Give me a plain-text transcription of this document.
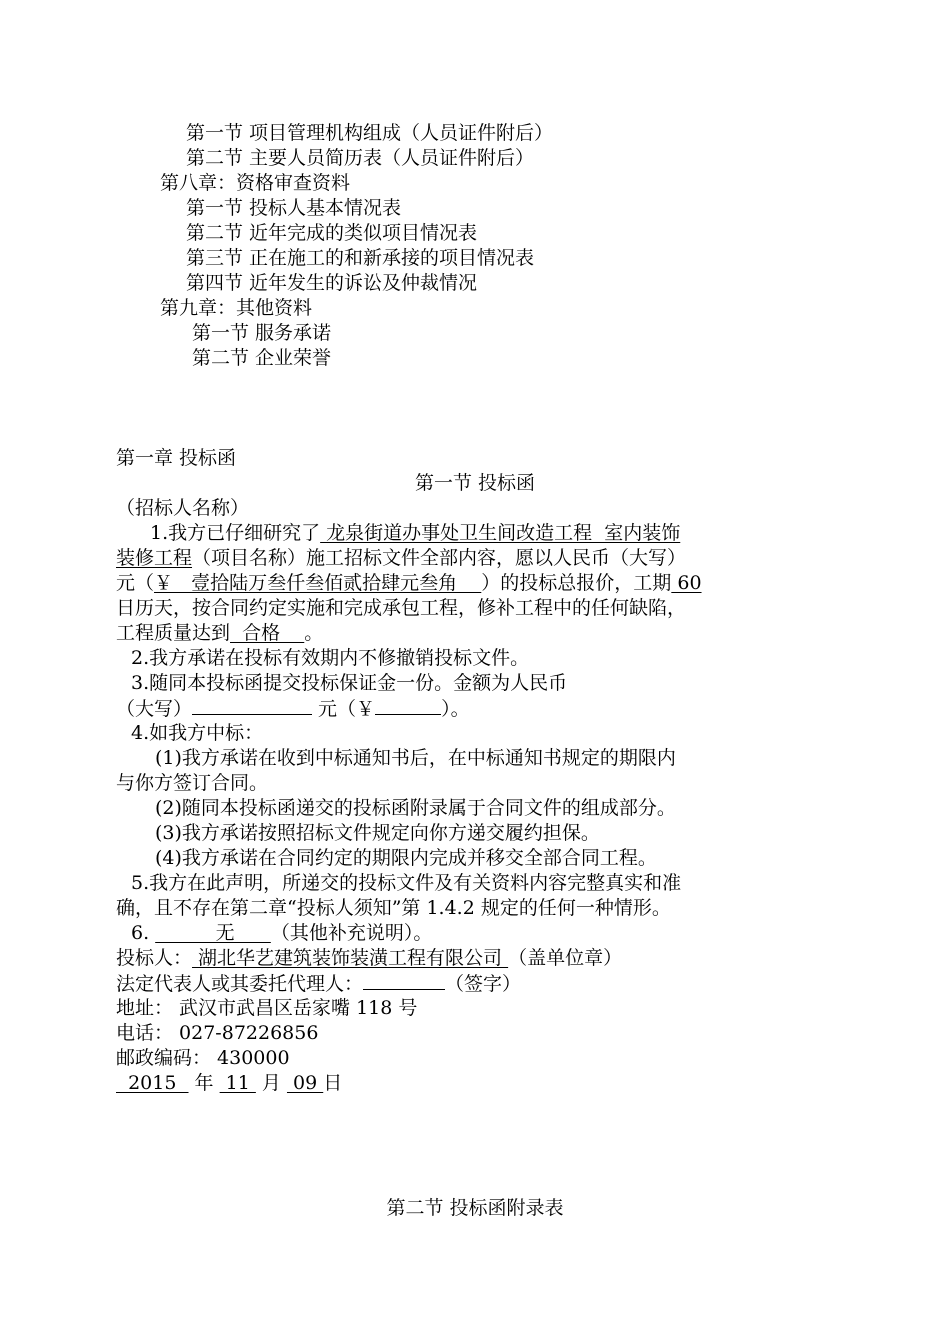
第一节 项目管理机构组成（人员证件附后）
第二节 主要人员简历表（人员证件附后）
第八章：资格审查资料
第一节 投标人基本情况表
第二节 近年完成的类似项目情况表
第三节 正在施工的和新承接的项目情况表
第四节 近年发生的诉讼及仲裁情况
第九章：其他资料
第一节 服务承诺
第二节 企业荣誉
第一章 投标函
第一节 投标函
（招标人名称）
1.我方已仔细研究了 龙泉街道办事处卫生间改造工程  室内装饰
装修工程（项目名称）施工招标文件全部内容，愿以人民币（大写）
元（￥   壹拾陆万叁仟叁佰贰拾肆元叁角    ）的投标总报价，工期 60
日历天，按合同约定实施和完成承包工程，修补工程中的任何缺陷，
工程质量达到  合格    。
2.我方承诺在投标有效期内不修撤销投标文件。
3.随同本投标函提交投标保证金一份。金额为人民币
（大写）	元（￥	）。
4.如我方中标：
(1)我方承诺在收到中标通知书后，在中标通知书规定的期限内
与你方签订合同。
(2)随同本投标函递交的投标函附录属于合同文件的组成部分。
(3)我方承诺按照招标文件规定向你方递交履约担保。
(4)我方承诺在合同约定的期限内完成并移交全部合同工程。
5.我方在此声明，所递交的投标文件及有关资料内容完整真实和准
确，且不存在第二章“投标人须知”第 1.4.2 规定的任何一种情形。
6.           无      （其他补充说明）。
投标人： 湖北华艺建筑装饰装潢工程有限公司 （盖单位章）
法定代表人或其委托代理人：	（签字）
地址： 武汉市武昌区岳家嘴 118 号
电话： 027-87226856
邮政编码： 430000
2015   年  11  月  09 日
第二节 投标函附录表
